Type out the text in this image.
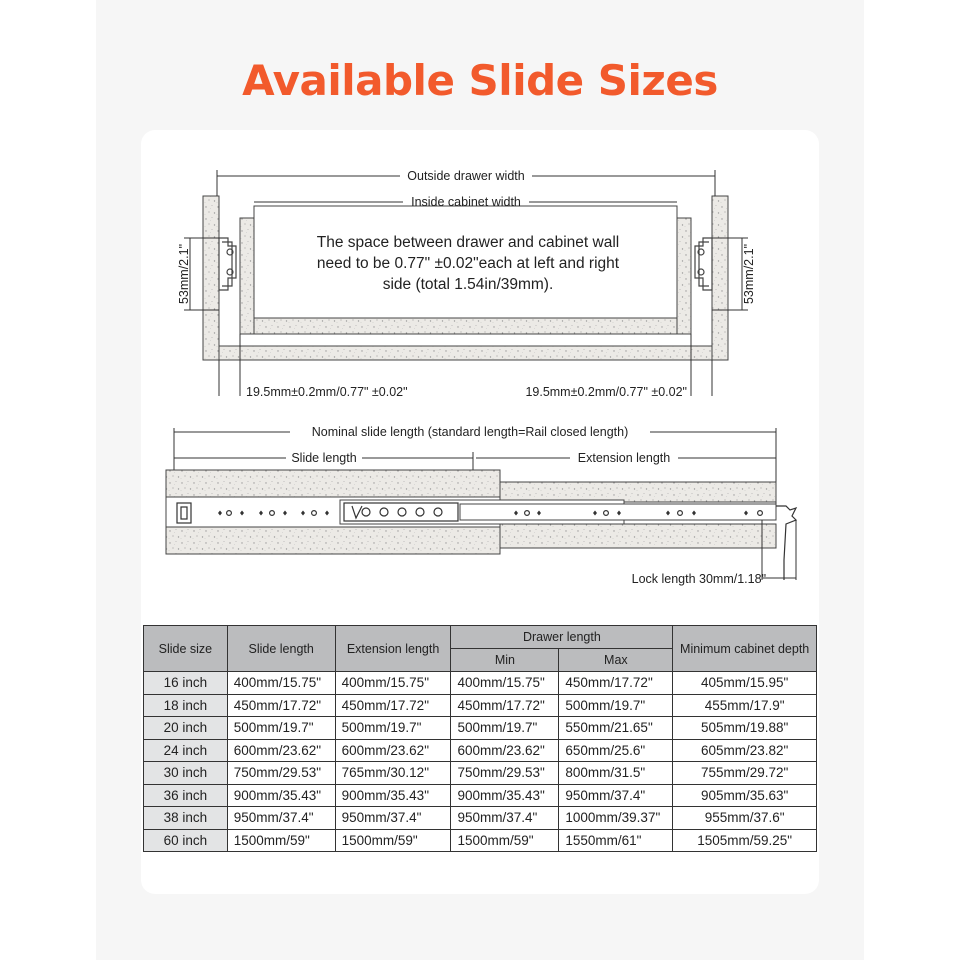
Available Slide Sizes
Outside drawer width
Inside cabinet width
53mm/2.1"	53mm/2.1"
19.5mm±0.2mm/0.77" ±0.02"	19.5mm±0.2mm/0.77" ±0.02"
Nominal slide length (standard length=Rail closed length)
Slide length	Extension length
Lock length 30mm/1.18"
The space between drawer and cabinet wall
need to be 0.77" ±0.02"each at left and right
side (total 1.54in/39mm).
Slide size	Slide length	Extension length	Drawer length		Minimum cabinet depth
			Min	Max	
16 inch	400mm/15.75"	400mm/15.75"	400mm/15.75"	450mm/17.72"	405mm/15.95"
18 inch	450mm/17.72"	450mm/17.72"	450mm/17.72"	500mm/19.7"	455mm/17.9"
20 inch	500mm/19.7"	500mm/19.7"	500mm/19.7"	550mm/21.65"	505mm/19.88"
24 inch	600mm/23.62"	600mm/23.62"	600mm/23.62"	650mm/25.6"	605mm/23.82"
30 inch	750mm/29.53"	765mm/30.12"	750mm/29.53"	800mm/31.5"	755mm/29.72"
36 inch	900mm/35.43"	900mm/35.43"	900mm/35.43"	950mm/37.4"	905mm/35.63"
38 inch	950mm/37.4"	950mm/37.4"	950mm/37.4"	1000mm/39.37"	955mm/37.6"
60 inch	1500mm/59"	1500mm/59"	1500mm/59"	1550mm/61"	1505mm/59.25"
